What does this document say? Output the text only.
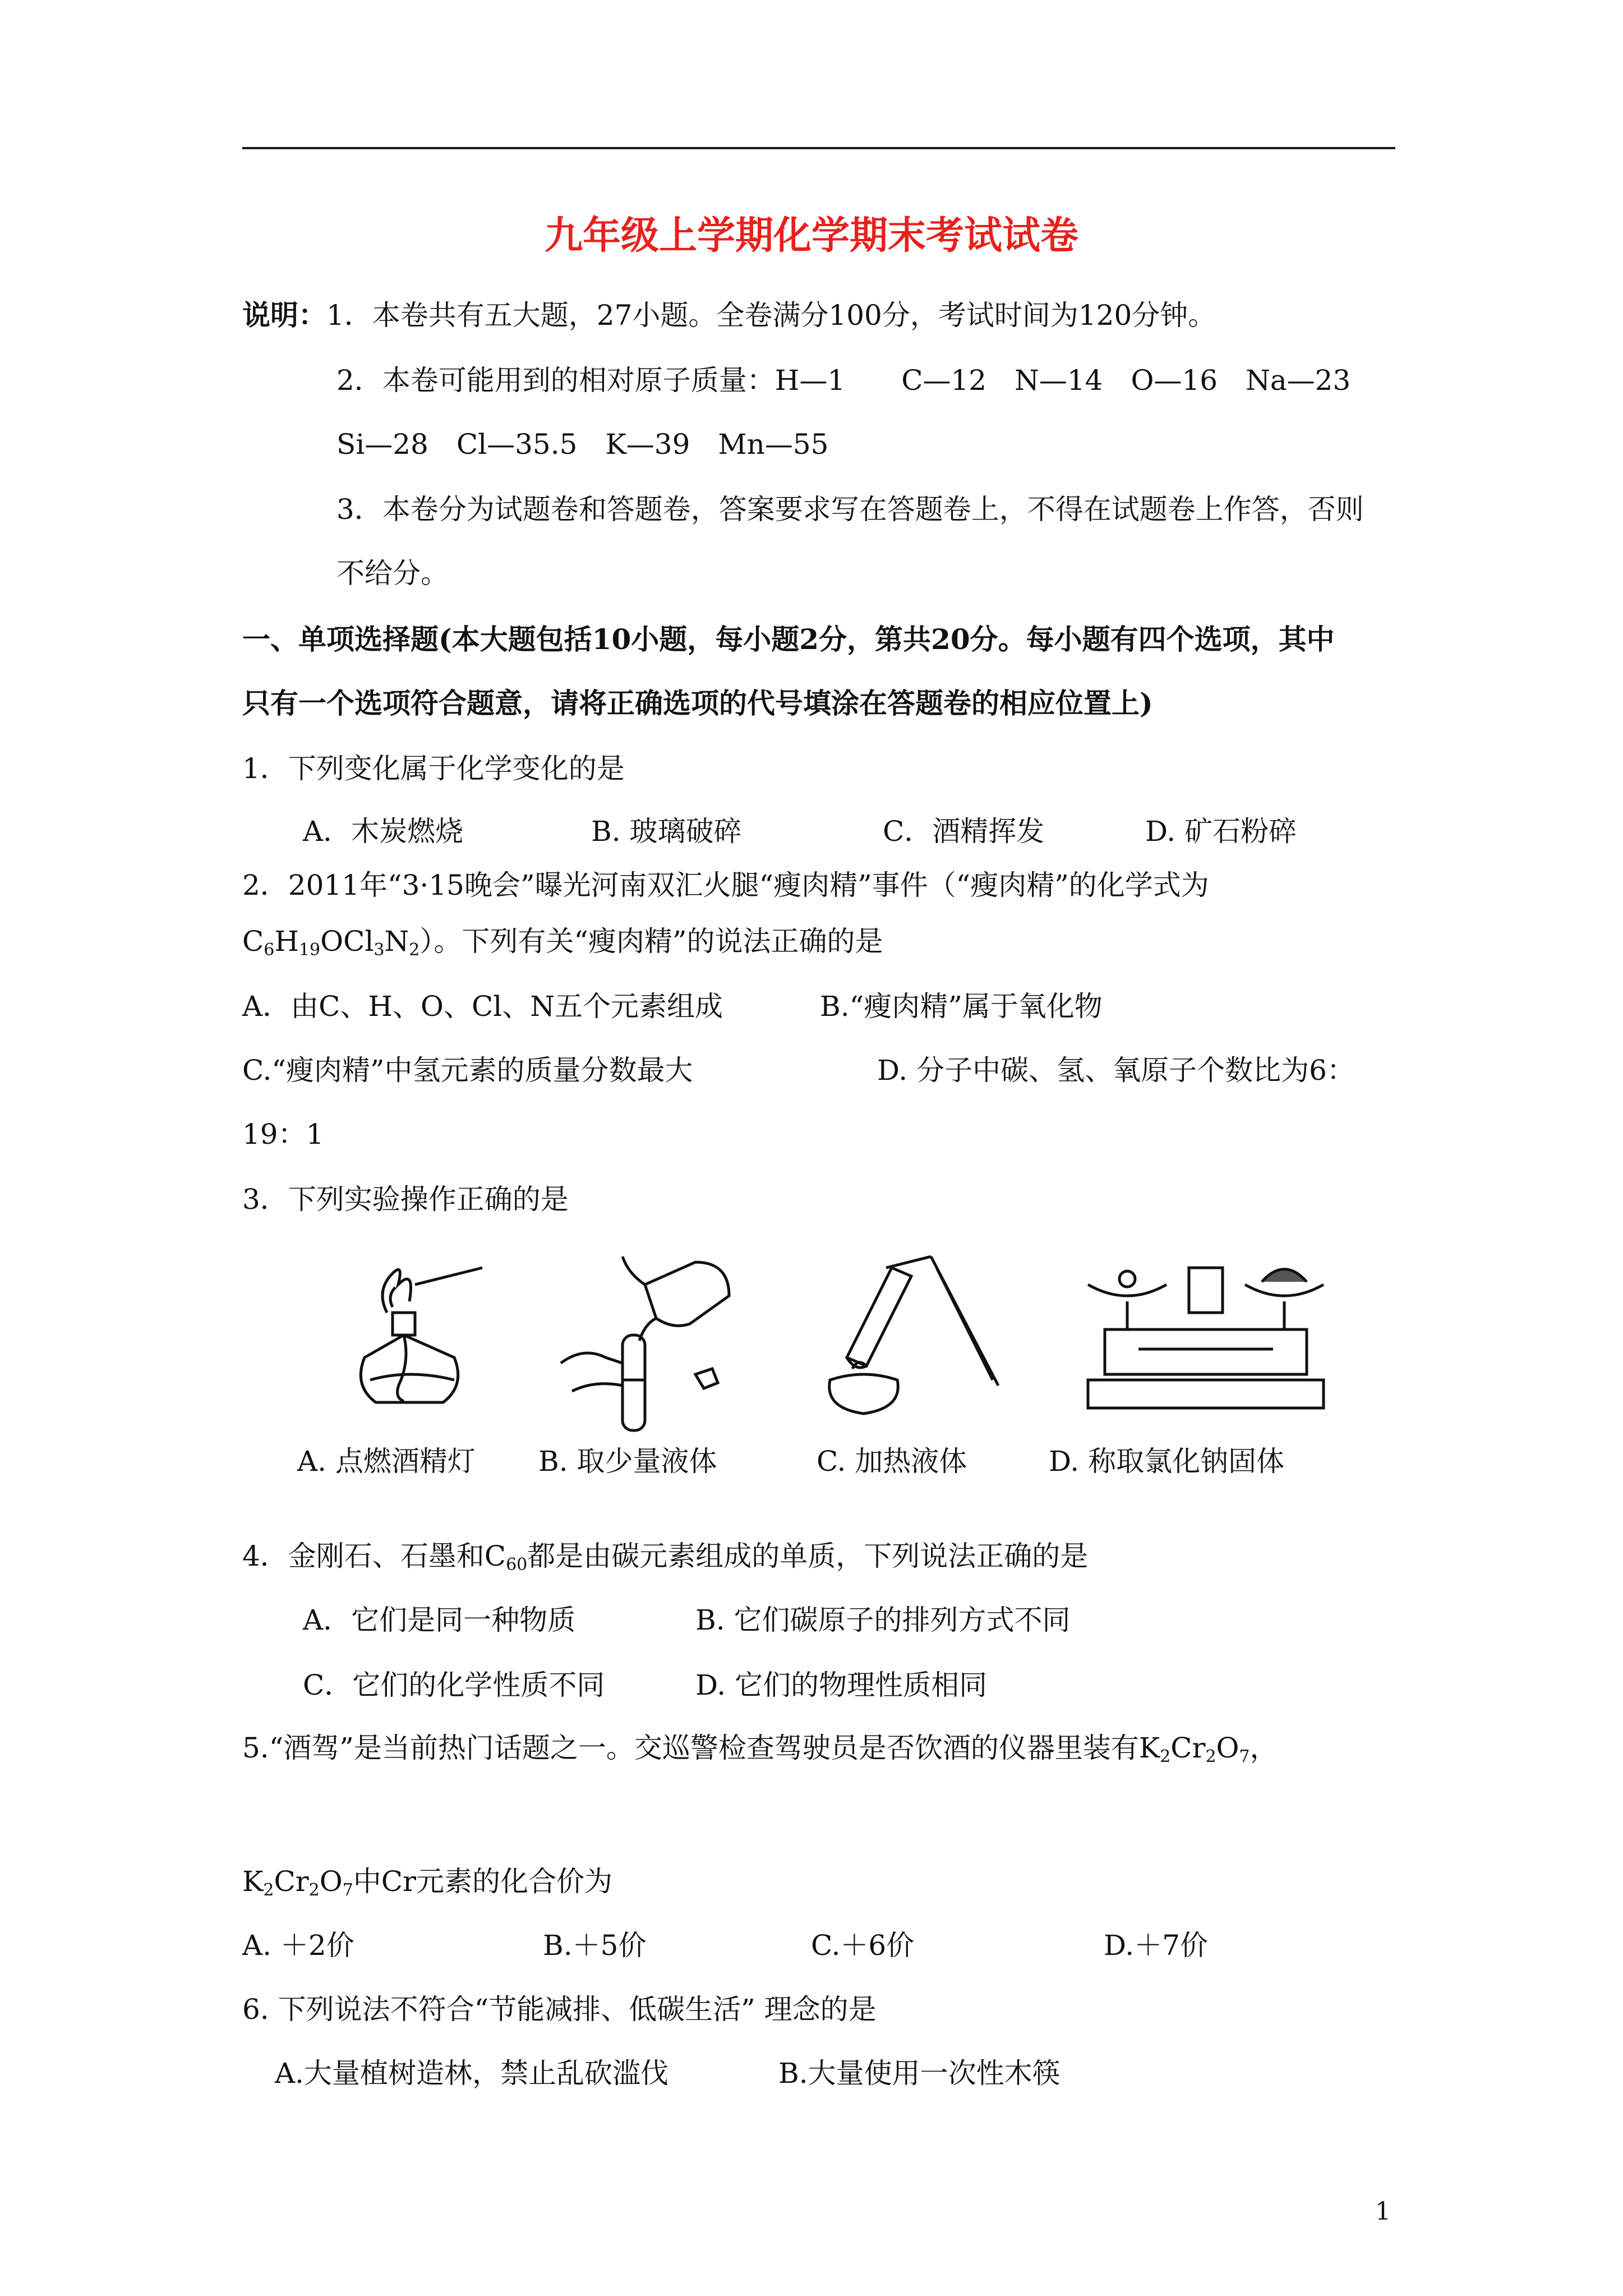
九年级上学期化学期末考试试卷
说明：1．本卷共有五大题，27小题。全卷满分100分，考试时间为120分钟。
2．本卷可能用到的相对原子质量：H—1　　C—12　N—14　O—16　Na—23
Si—28　Cl—35.5　K—39　Mn—55
3．本卷分为试题卷和答题卷，答案要求写在答题卷上，不得在试题卷上作答，否则
不给分。
一、单项选择题(本大题包括10小题，每小题2分，第共20分。每小题有四个选项，其中
只有一个选项符合题意，请将正确选项的代号填涂在答题卷的相应位置上)
1．下列变化属于化学变化的是
A．木炭燃烧	B. 玻璃破碎	C．酒精挥发	D. 矿石粉碎
2．2011年“3·15晚会”曝光河南双汇火腿“瘦肉精”事件（“瘦肉精”的化学式为
$C_6H_{19}OCl_3N_2$）。下列有关“瘦肉精”的说法正确的是
A．由C、H、O、Cl、N五个元素组成	B.“瘦肉精”属于氧化物
C.“瘦肉精”中氢元素的质量分数最大	D. 分子中碳、氢、氧原子个数比为6：
19：1
3．下列实验操作正确的是
A. 点燃酒精灯 B. 取少量液体	C. 加热液体	D. 称取氯化钠固体
4．金刚石、石墨和$C_{60}$都是由碳元素组成的单质，下列说法正确的是
A．它们是同一种物质	B. 它们碳原子的排列方式不同
C．它们的化学性质不同	D. 它们的物理性质相同
5.“酒驾”是当前热门话题之一。交巡警检查驾驶员是否饮酒的仪器里装有$K_2Cr_2O_7$，
$K_2Cr_2O_7$中Cr元素的化合价为
A. ＋2价	B.＋5价	C.＋6价	D.＋7价
6. 下列说法不符合“节能减排、低碳生活” 理念的是
A.大量植树造林，禁止乱砍滥伐	B.大量使用一次性木筷
1
